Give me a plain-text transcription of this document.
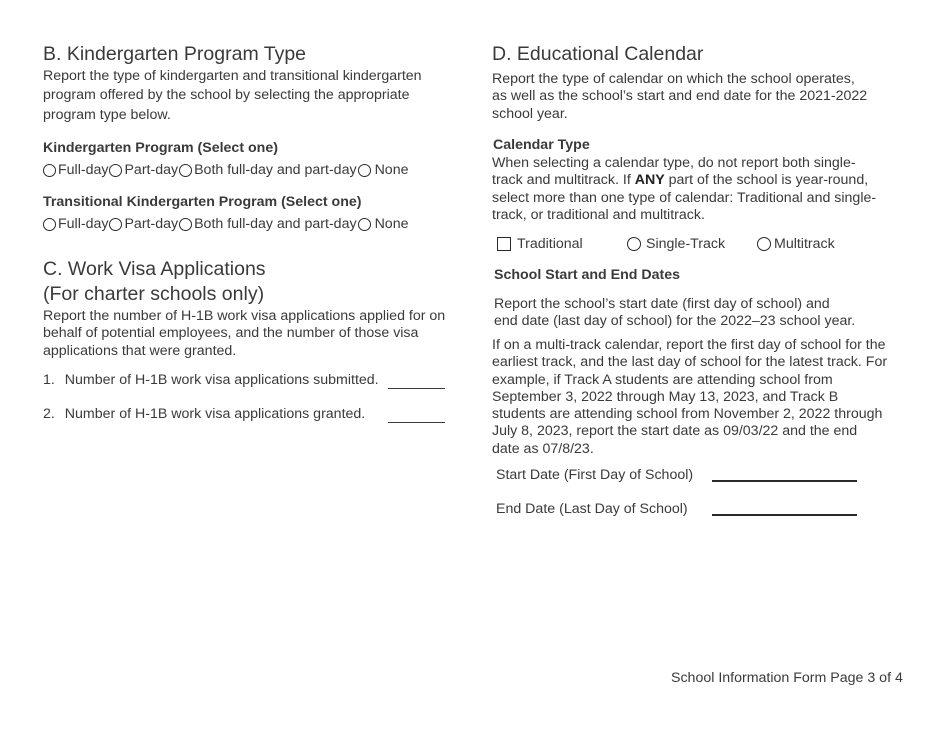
B. Kindergarten Program Type
Report the type of kindergarten and transitional kindergarten
program offered by the school by selecting the appropriate
program type below.
Kindergarten Program (Select one)
Full-day Part-day Both full-day and part-day None
Transitional Kindergarten Program (Select one)
Full-day Part-day Both full-day and part-day None
C. Work Visa Applications
(For charter schools only)
Report the number of H-1B work visa applications applied for on
behalf of potential employees, and the number of those visa
applications that were granted.
1. Number of H-1B work visa applications submitted.
2. Number of H-1B work visa applications granted.
D. Educational Calendar
Report the type of calendar on which the school operates,
as well as the school’s start and end date for the 2021-2022
school year.
Calendar Type
When selecting a calendar type, do not report both single-
track and multitrack. If ANY part of the school is year-round,
select more than one type of calendar: Traditional and single-
track, or traditional and multitrack.
Traditional	Single-Track	Multitrack
School Start and End Dates
Report the school’s start date (first day of school) and
end date (last day of school) for the 2022–23 school year.
If on a multi-track calendar, report the first day of school for the
earliest track, and the last day of school for the latest track. For
example, if Track A students are attending school from
September 3, 2022 through May 13, 2023, and Track B
students are attending school from November 2, 2022 through
July 8, 2023, report the start date as 09/03/22 and the end
date as 07/8/23.
Start Date (First Day of School)
End Date (Last Day of School)
School Information Form Page 3 of 4
